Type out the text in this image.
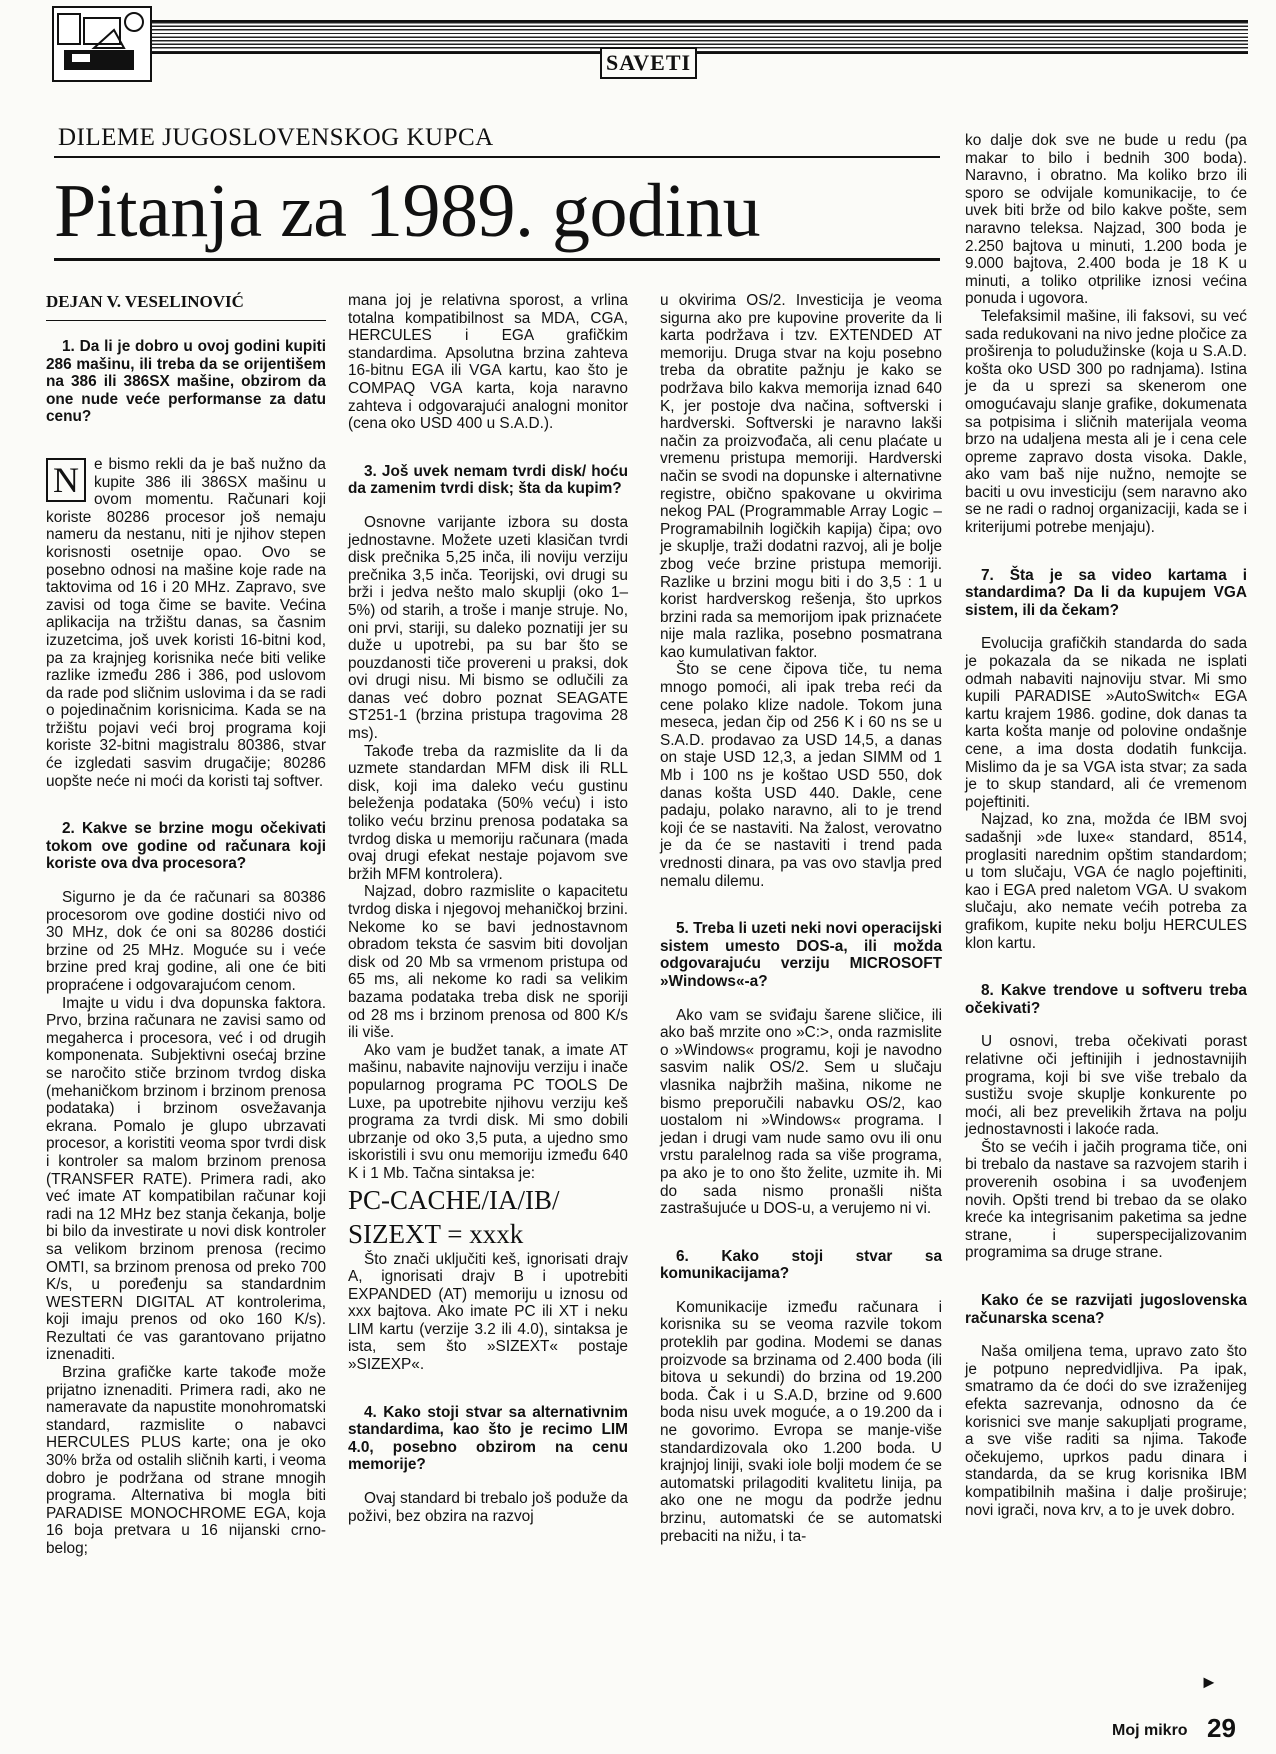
SAVETI
DILEME JUGOSLOVENSKOG KUPCA
Pitanja za 1989. godinu
DEJAN V. VESELINOVIĆ

1. Da li je dobro u ovoj godini kupiti 286 mašinu, ili treba da se orijentišem na 386 ili 386SX mašine, obzirom da one nude veće performanse za datu cenu?

N e bismo rekli da je baš nužno da kupite 386 ili 386SX mašinu u ovom momentu. Računari koji koriste 80286 procesor još nemaju nameru da nestanu, niti je njihov stepen korisnosti osetnije opao. Ovo se posebno odnosi na mašine koje rade na taktovima od 16 i 20 MHz. Zapravo, sve zavisi od toga čime se bavite. Većina aplikacija na tržištu danas, sa časnim izuzetcima, još uvek koristi 16-bitni kod, pa za krajnjeg korisnika neće biti velike razlike između 286 i 386, pod uslovom da rade pod sličnim uslovima i da se radi o pojedinačnim korisnicima. Kada se na tržištu pojavi veći broj programa koji koriste 32-bitni magistralu 80386, stvar će izgledati sasvim drugačije; 80286 uopšte neće ni moći da koristi taj softver.

2. Kakve se brzine mogu očekivati tokom ove godine od računara koji koriste ova dva procesora?

Sigurno je da će računari sa 80386 procesorom ove godine dostići nivo od 30 MHz, dok će oni sa 80286 dostići brzine od 25 MHz. Moguće su i veće brzine pred kraj godine, ali one će biti propraćene i odgovarajućom cenom.

Imajte u vidu i dva dopunska faktora. Prvo, brzina računara ne zavisi samo od megaherca i procesora, već i od drugih komponenata. Subjektivni osećaj brzine se naročito stiče brzinom tvrdog diska (mehaničkom brzinom i brzinom prenosa podataka) i brzinom osvežavanja ekrana. Pomalo je glupo ubrzavati procesor, a koristiti veoma spor tvrdi disk i kontroler sa malom brzinom prenosa (TRANSFER RATE). Primera radi, ako već imate AT kompatibilan računar koji radi na 12 MHz bez stanja čekanja, bolje bi bilo da investirate u novi disk kontroler sa velikom brzinom prenosa (recimo OMTI, sa brzinom prenosa od preko 700 K/s, u poređenju sa standardnim WESTERN DIGITAL AT kontrolerima, koji imaju prenos od oko 160 K/s). Rezultati će vas garantovano prijatno iznenaditi.

Brzina grafičke karte takođe može prijatno iznenaditi. Primera radi, ako ne nameravate da napustite monohromatski standard, razmislite o nabavci HERCULES PLUS karte; ona je oko 30% brža od ostalih sličnih karti, i veoma dobro je podržana od strane mnogih programa. Alternativa bi mogla biti PARADISE MONOCHROME EGA, koja 16 boja pretvara u 16 nijanski crno-belog;

mana joj je relativna sporost, a vrlina totalna kompatibilnost sa MDA, CGA, HERCULES i EGA grafičkim standardima. Apsolutna brzina zahteva 16-bitnu EGA ili VGA kartu, kao što je COMPAQ VGA karta, koja naravno zahteva i odgovarajući analogni monitor (cena oko USD 400 u S.A.D.).

3. Još uvek nemam tvrdi disk/ hoću da zamenim tvrdi disk; šta da kupim?

Osnovne varijante izbora su dosta jednostavne. Možete uzeti klasičan tvrdi disk prečnika 5,25 inča, ili noviju verziju prečnika 3,5 inča. Teorijski, ovi drugi su brži i jedva nešto malo skuplji (oko 1–5%) od starih, a troše i manje struje. No, oni prvi, stariji, su daleko poznatiji jer su duže u upotrebi, pa su bar što se pouzdanosti tiče provereni u praksi, dok ovi drugi nisu. Mi bismo se odlučili za danas već dobro poznat SEAGATE ST251-1 (brzina pristupa tragovima 28 ms).

Takođe treba da razmislite da li da uzmete standardan MFM disk ili RLL disk, koji ima daleko veću gustinu beleženja podataka (50% veću) i isto toliko veću brzinu prenosa podataka sa tvrdog diska u memoriju računara (mada ovaj drugi efekat nestaje pojavom sve bržih MFM kontrolera).

Najzad, dobro razmislite o kapacitetu tvrdog diska i njegovoj mehaničkoj brzini. Nekome ko se bavi jednostavnom obradom teksta će sasvim biti dovoljan disk od 20 Mb sa vrmenom pristupa od 65 ms, ali nekome ko radi sa velikim bazama podataka treba disk ne sporiji od 28 ms i brzinom prenosa od 800 K/s ili više.

Ako vam je budžet tanak, a imate AT mašinu, nabavite najnoviju verziju i inače popularnog programa PC TOOLS De Luxe, pa upotrebite njihovu verziju keš programa za tvrdi disk. Mi smo dobili ubrzanje od oko 3,5 puta, a ujedno smo iskoristili i svu onu memoriju između 640 K i 1 Mb. Tačna sintaksa je:

PC-CACHE/IA/IB/ SIZEXT = xxxk

Što znači uključiti keš, ignorisati drajv A, ignorisati drajv B i upotrebiti EXPANDED (AT) memoriju u iznosu od xxx bajtova. Ako imate PC ili XT i neku LIM kartu (verzije 3.2 ili 4.0), sintaksa je ista, sem što »SIZEXT« postaje »SIZEXP«.

4. Kako stoji stvar sa alternativnim standardima, kao što je recimo LIM 4.0, posebno obzirom na cenu memorije?

Ovaj standard bi trebalo još poduže da poživi, bez obzira na razvoj

u okvirima OS/2. Investicija je veoma sigurna ako pre kupovine proverite da li karta podržava i tzv. EXTENDED AT memoriju. Druga stvar na koju posebno treba da obratite pažnju je kako se podržava bilo kakva memorija iznad 640 K, jer postoje dva načina, softverski i hardverski. Softverski je naravno lakši način za proizvođača, ali cenu plaćate u vremenu pristupa memoriji. Hardverski način se svodi na dopunske i alternativne registre, obično spakovane u okvirima nekog PAL (Programmable Array Logic – Programabilnih logičkih kapija) čipa; ovo je skuplje, traži dodatni razvoj, ali je bolje zbog veće brzine pristupa memoriji. Razlike u brzini mogu biti i do 3,5 : 1 u korist hardverskog rešenja, što uprkos brzini rada sa memorijom ipak priznaćete nije mala razlika, posebno posmatrana kao kumulativan faktor.

Što se cene čipova tiče, tu nema mnogo pomoći, ali ipak treba reći da cene polako klize nadole. Tokom juna meseca, jedan čip od 256 K i 60 ns se u S.A.D. prodavao za USD 14,5, a danas on staje USD 12,3, a jedan SIMM od 1 Mb i 100 ns je koštao USD 550, dok danas košta USD 440. Dakle, cene padaju, polako naravno, ali to je trend koji će se nastaviti. Na žalost, verovatno je da će se nastaviti i trend pada vrednosti dinara, pa vas ovo stavlja pred nemalu dilemu.

5. Treba li uzeti neki novi operacijski sistem umesto DOS-a, ili možda odgovarajuću verziju MICROSOFT »Windows«-a?

Ako vam se sviđaju šarene sličice, ili ako baš mrzite ono »C:>, onda razmislite o »Windows« programu, koji je navodno sasvim nalik OS/2. Sem u slučaju vlasnika najbržih mašina, nikome ne bismo preporučili nabavku OS/2, kao uostalom ni »Windows« programa. I jedan i drugi vam nude samo ovu ili onu vrstu paralelnog rada sa više programa, pa ako je to ono što želite, uzmite ih. Mi do sada nismo pronašli ništa zastrašujuće u DOS-u, a verujemo ni vi.

6. Kako stoji stvar sa komunikacijama?

Komunikacije između računara i korisnika su se veoma razvile tokom proteklih par godina. Modemi se danas proizvode sa brzinama od 2.400 boda (ili bitova u sekundi) do brzina od 19.200 boda. Čak i u S.A.D, brzine od 9.600 boda nisu uvek moguće, a o 19.200 da i ne govorimo. Evropa se manje-više standardizovala oko 1.200 boda. U krajnjoj liniji, svaki iole bolji modem će se automatski prilagoditi kvalitetu linija, pa ako one ne mogu da podrže jednu brzinu, automatski će se automatski prebaciti na nižu, i ta-

ko dalje dok sve ne bude u redu (pa makar to bilo i bednih 300 boda). Naravno, i obratno. Ma koliko brzo ili sporo se odvijale komunikacije, to će uvek biti brže od bilo kakve pošte, sem naravno teleksa. Najzad, 300 boda je 2.250 bajtova u minuti, 1.200 boda je 9.000 bajtova, 2.400 boda je 18 K u minuti, a toliko otprilike iznosi većina ponuda i ugovora.

Telefaksimil mašine, ili faksovi, su već sada redukovani na nivo jedne pločice za proširenja to poludužinske (koja u S.A.D. košta oko USD 300 po radnjama). Istina je da u sprezi sa skenerom one omogućavaju slanje grafike, dokumenata sa potpisima i sličnih materijala veoma brzo na udaljena mesta ali je i cena cele opreme zapravo dosta visoka. Dakle, ako vam baš nije nužno, nemojte se baciti u ovu investiciju (sem naravno ako se ne radi o radnoj organizaciji, kada se i kriterijumi potrebe menjaju).

7. Šta je sa video kartama i standardima? Da li da kupujem VGA sistem, ili da čekam?

Evolucija grafičkih standarda do sada je pokazala da se nikada ne isplati odmah nabaviti najnoviju stvar. Mi smo kupili PARADISE »AutoSwitch« EGA kartu krajem 1986. godine, dok danas ta karta košta manje od polovine ondašnje cene, a ima dosta dodatih funkcija. Mislimo da je sa VGA ista stvar; za sada je to skup standard, ali će vremenom pojeftiniti.

Najzad, ko zna, možda će IBM svoj sadašnji »de luxe« standard, 8514, proglasiti narednim opštim standardom; u tom slučaju, VGA će naglo pojeftiniti, kao i EGA pred naletom VGA. U svakom slučaju, ako nemate većih potreba za grafikom, kupite neku bolju HERCULES klon kartu.

8. Kakve trendove u softveru treba očekivati?

U osnovi, treba očekivati porast relativne oči jeftinijih i jednostavnijih programa, koji bi sve više trebalo da sustižu svoje skuplje konkurente po moći, ali bez prevelikih žrtava na polju jednostavnosti i lakoće rada.

Što se većih i jačih programa tiče, oni bi trebalo da nastave sa razvojem starih i proverenih osobina i sa uvođenjem novih. Opšti trend bi trebao da se olako kreće ka integrisanim paketima sa jedne strane, i superspecijalizovanim programima sa druge strane.

Kako će se razvijati jugoslovenska računarska scena?

Naša omiljena tema, upravo zato što je potpuno nepredvidljiva. Pa ipak, smatramo da će doći do sve izraženijeg efekta sazrevanja, odnosno da će korisnici sve manje sakupljati programe, a sve više raditi sa njima. Takođe očekujemo, uprkos padu dinara i standarda, da se krug korisnika IBM kompatibilnih mašina i dalje proširuje; novi igrači, nova krv, a to je uvek dobro.

►
Moj mikro 29
